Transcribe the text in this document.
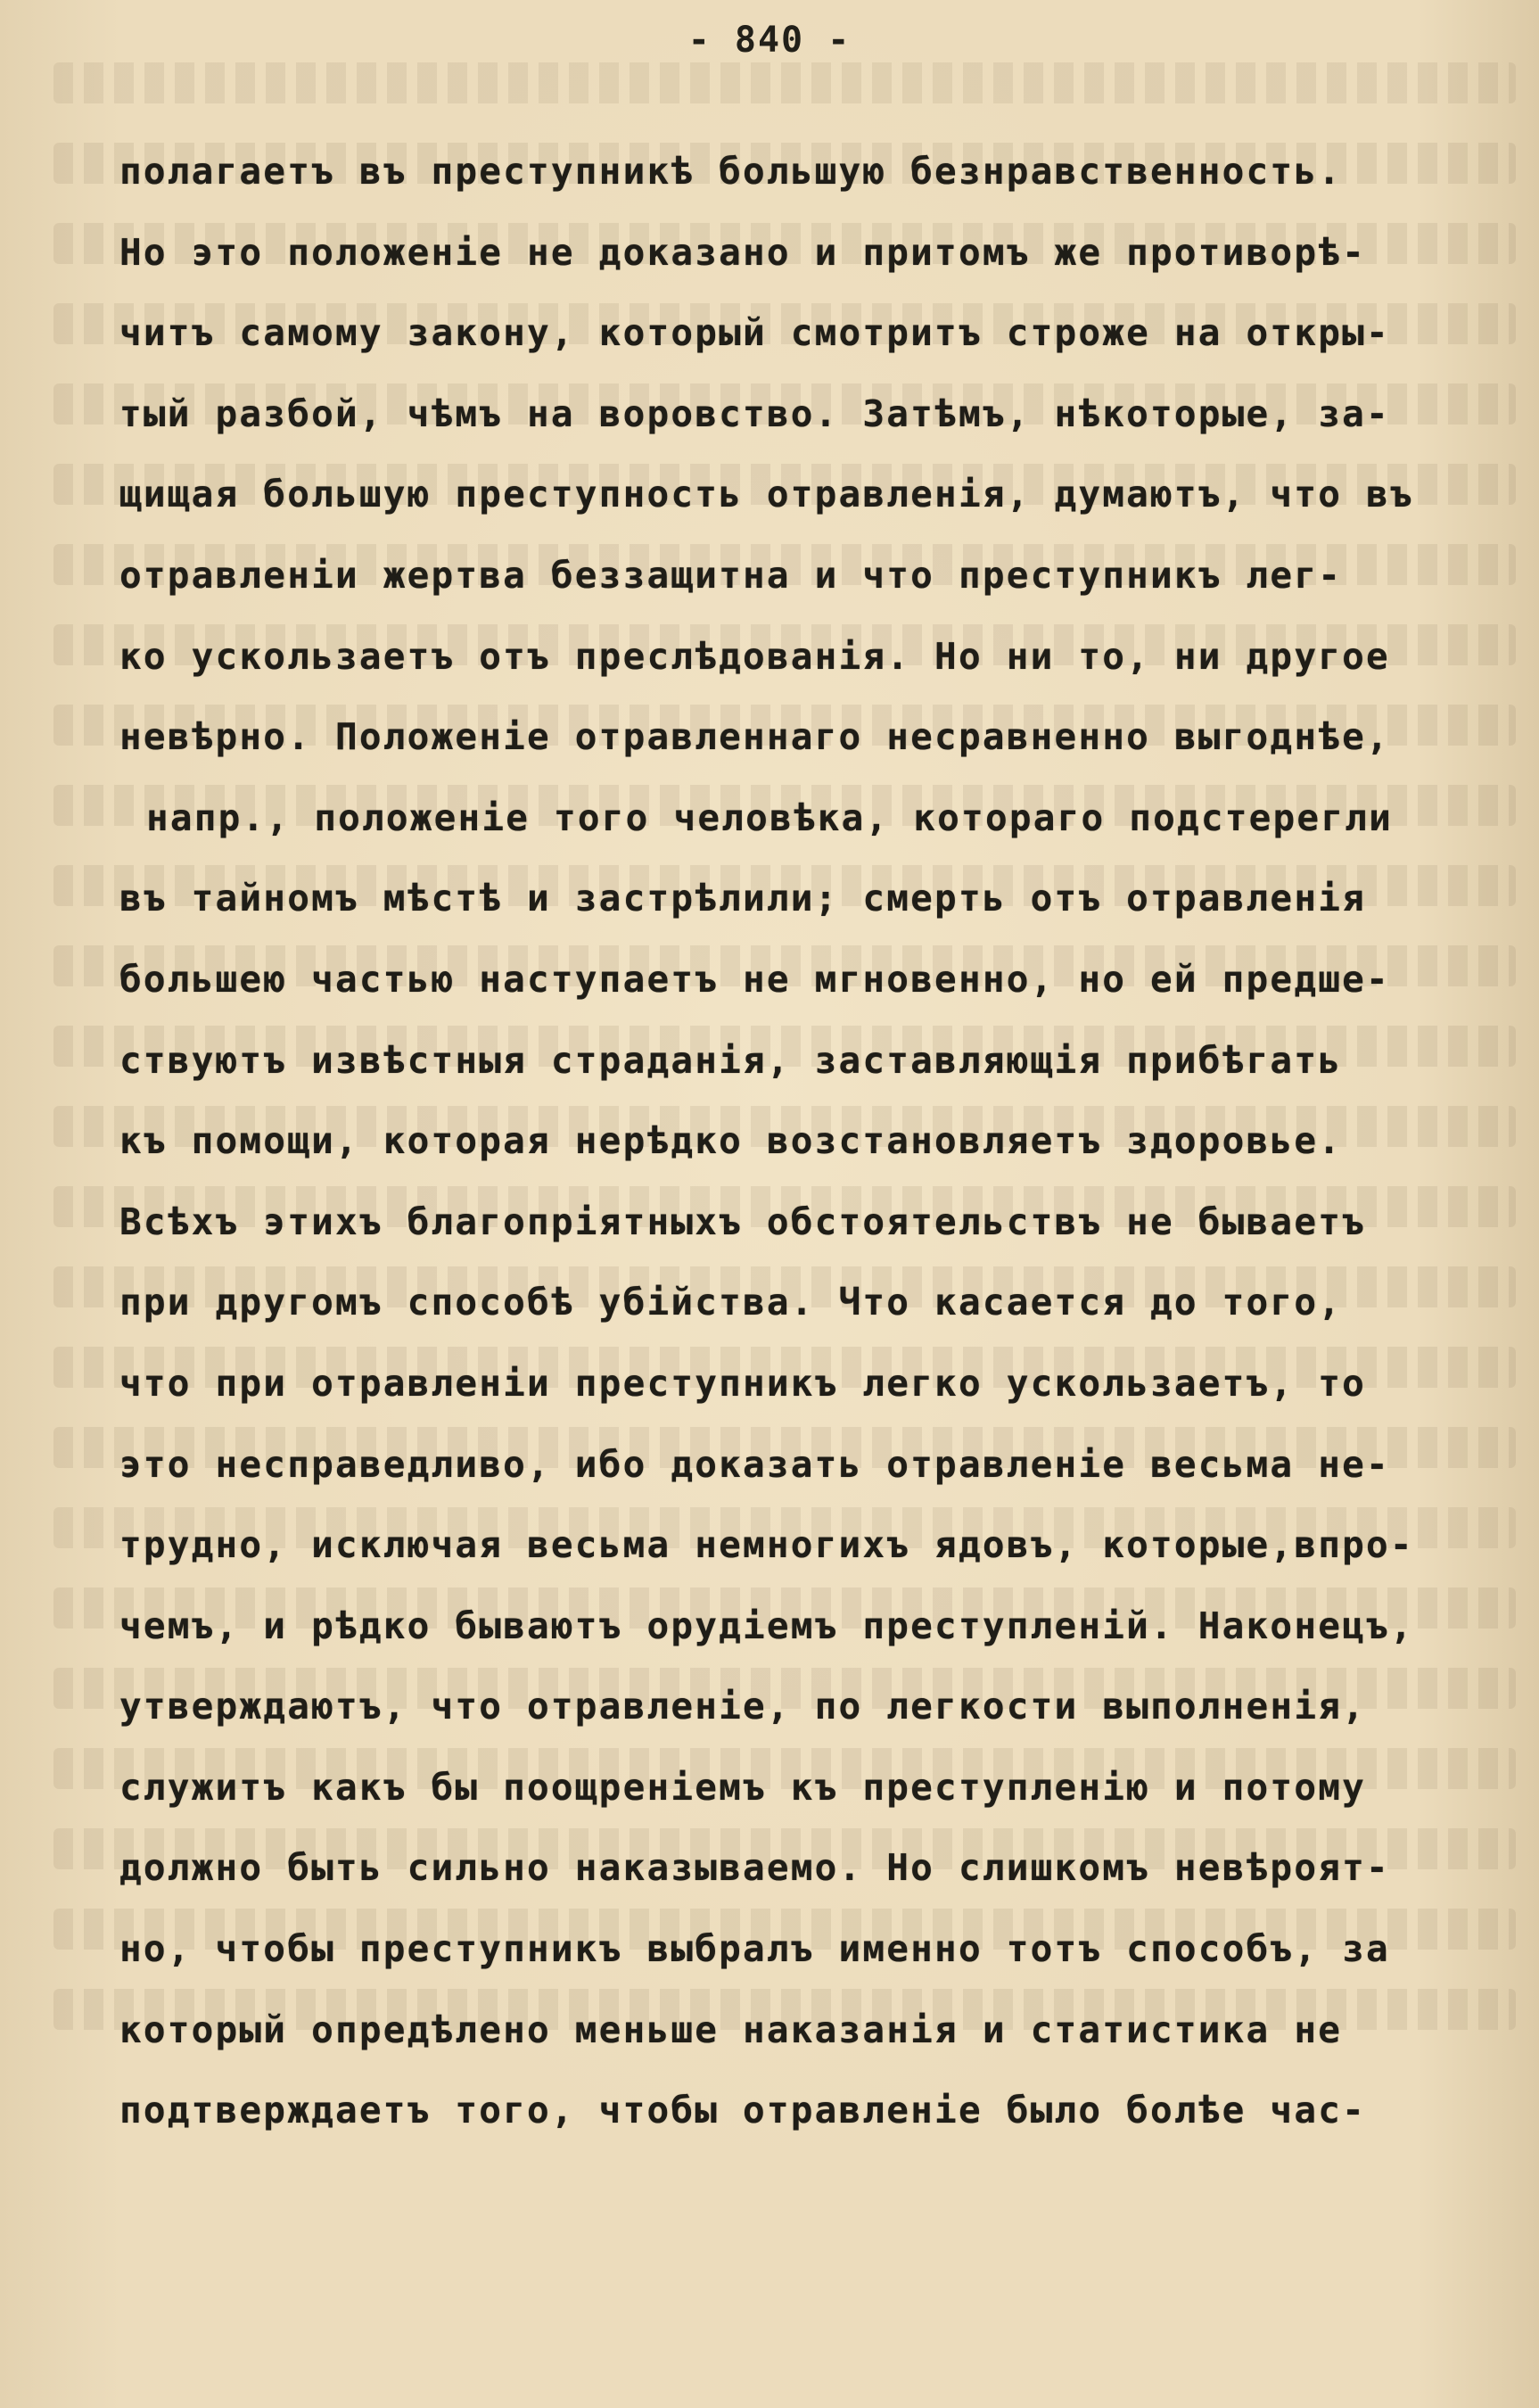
- 840 -
полагаетъ въ преступникѣ большую безнравственность.
Но это положенiе не доказано и притомъ же противорѣ-
читъ самому закону, который смотритъ строже на откры-
тый разбой, чѣмъ на воровство. Затѣмъ, нѣкоторые, за-
щищая большую преступность отравленiя, думаютъ, что въ
отравленiи жертва беззащитна и что преступникъ лег-
ко ускользаетъ отъ преслѣдованiя. Но ни то, ни другое
невѣрно. Положенiе отравленнаго несравненно выгоднѣе,
напр., положенiе того человѣка, котораго подстерегли
въ тайномъ мѣстѣ и застрѣлили; смерть отъ отравленiя
большею частью наступаетъ не мгновенно, но ей предше-
ствуютъ извѣстныя страданiя, заставляющiя прибѣгать
къ помощи, которая нерѣдко возстановляетъ здоровье.
Всѣхъ этихъ благопрiятныхъ обстоятельствъ не бываетъ
при другомъ способѣ убiйства. Что касается до того,
что при отравленiи преступникъ легко ускользаетъ, то
это несправедливо, ибо доказать отравленiе весьма не-
трудно, исключая весьма немногихъ ядовъ, которые,впро-
чемъ, и рѣдко бываютъ орудiемъ преступленiй. Наконецъ,
утверждаютъ, что отравленiе, по легкости выполненiя,
служитъ какъ бы поощренiемъ къ преступленiю и потому
должно быть сильно наказываемо. Но слишкомъ невѣроят-
но, чтобы преступникъ выбралъ именно тотъ способъ, за
который опредѣлено меньше наказанiя и статистика не
подтверждаетъ того, чтобы отравленiе было болѣе час-
